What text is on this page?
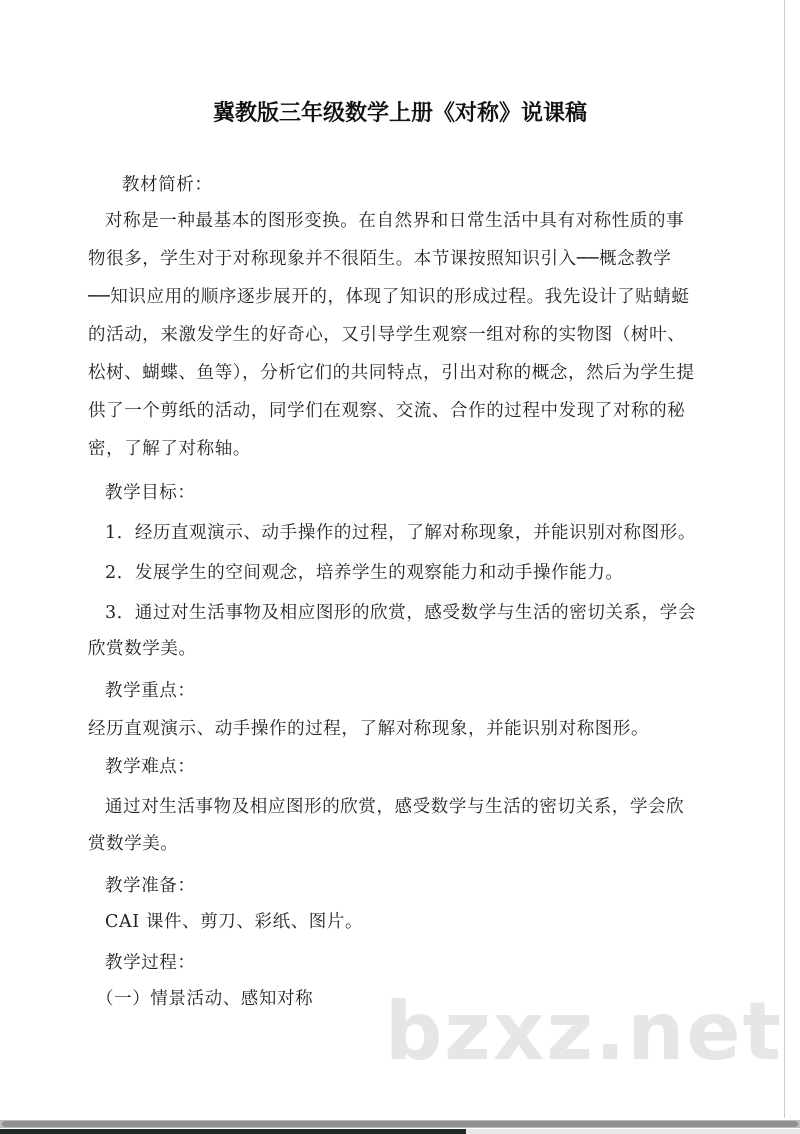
冀教版三年级数学上册《对称》说课稿
教材简析：
对称是一种最基本的图形变换。在自然界和日常生活中具有对称性质的事
物很多，学生对于对称现象并不很陌生。本节课按照知识引入──概念教学
──知识应用的顺序逐步展开的，体现了知识的形成过程。我先设计了贴蜻蜓
的活动，来激发学生的好奇心，又引导学生观察一组对称的实物图（树叶、
松树、蝴蝶、鱼等），分析它们的共同特点，引出对称的概念，然后为学生提
供了一个剪纸的活动，同学们在观察、交流、合作的过程中发现了对称的秘
密，了解了对称轴。
教学目标：
1．经历直观演示、动手操作的过程，了解对称现象，并能识别对称图形。
2．发展学生的空间观念，培养学生的观察能力和动手操作能力。
3．通过对生活事物及相应图形的欣赏，感受数学与生活的密切关系，学会
欣赏数学美。
教学重点：
经历直观演示、动手操作的过程，了解对称现象，并能识别对称图形。
教学难点：
通过对生活事物及相应图形的欣赏，感受数学与生活的密切关系，学会欣
赏数学美。
教学准备：
CAI 课件、剪刀、彩纸、图片。
教学过程：
（一）情景活动、感知对称 bzxz.net
